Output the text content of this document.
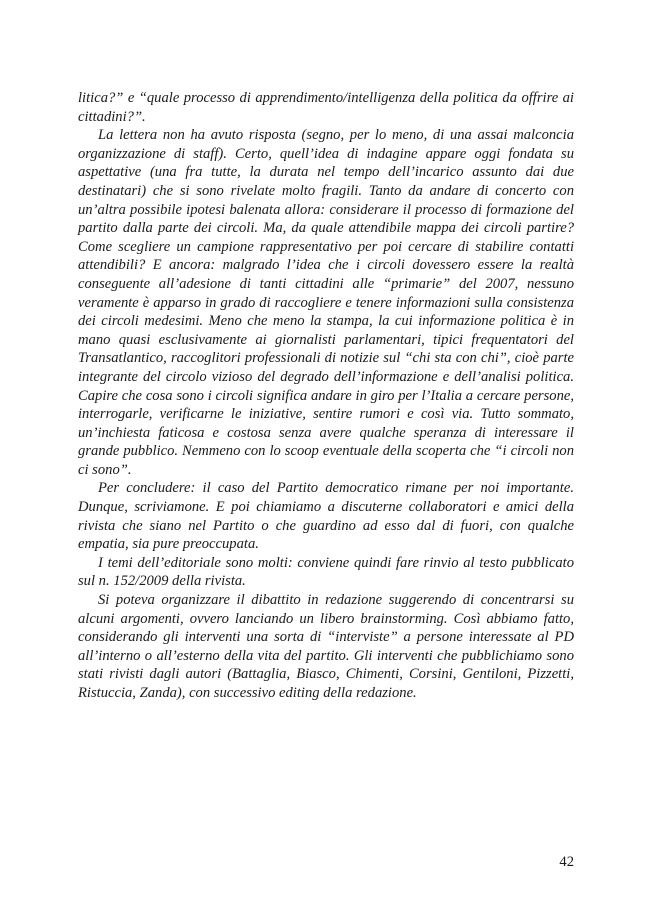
litica?” e “quale processo di apprendimento/intelligenza della politica da offrire ai cittadini?”.

La lettera non ha avuto risposta (segno, per lo meno, di una assai malconcia organizzazione di staff). Certo, quell’idea di indagine appare oggi fondata su aspettative (una fra tutte, la durata nel tempo dell’incarico assunto dai due destinatari) che si sono rivelate molto fragili. Tanto da andare di concerto con un’altra possibile ipotesi balenata allora: considerare il processo di formazione del partito dalla parte dei circoli. Ma, da quale attendibile mappa dei circoli partire? Come scegliere un campione rappresentativo per poi cercare di stabilire contatti attendibili? E ancora: malgrado l’idea che i circoli dovessero essere la realtà conseguente all’adesione di tanti cittadini alle “primarie” del 2007, nessuno veramente è apparso in grado di raccogliere e tenere informazioni sulla consistenza dei circoli medesimi. Meno che meno la stampa, la cui informazione politica è in mano quasi esclusivamente ai giornalisti parlamentari, tipici frequentatori del Transatlantico, raccoglitori professionali di notizie sul “chi sta con chi”, cioè parte integrante del circolo vizioso del degrado dell’informazione e dell’analisi politica. Capire che cosa sono i circoli significa andare in giro per l’Italia a cercare persone, interrogarle, verificarne le iniziative, sentire rumori e così via. Tutto sommato, un’inchiesta faticosa e costosa senza avere qualche speranza di interessare il grande pubblico. Nemmeno con lo scoop eventuale della scoperta che “i circoli non ci sono”.

Per concludere: il caso del Partito democratico rimane per noi importante. Dunque, scriviamone. E poi chiamiamo a discuterne collaboratori e amici della rivista che siano nel Partito o che guardino ad esso dal di fuori, con qualche empatia, sia pure preoccupata.

I temi dell’editoriale sono molti: conviene quindi fare rinvio al testo pubblicato sul n. 152/2009 della rivista.

Si poteva organizzare il dibattito in redazione suggerendo di concentrarsi su alcuni argomenti, ovvero lanciando un libero brainstorming. Così abbiamo fatto, considerando gli interventi una sorta di “interviste” a persone interessate al PD all’interno o all’esterno della vita del partito. Gli interventi che pubblichiamo sono stati rivisti dagli autori (Battaglia, Biasco, Chimenti, Corsini, Gentiloni, Pizzetti, Ristuccia, Zanda), con successivo editing della redazione.

42
